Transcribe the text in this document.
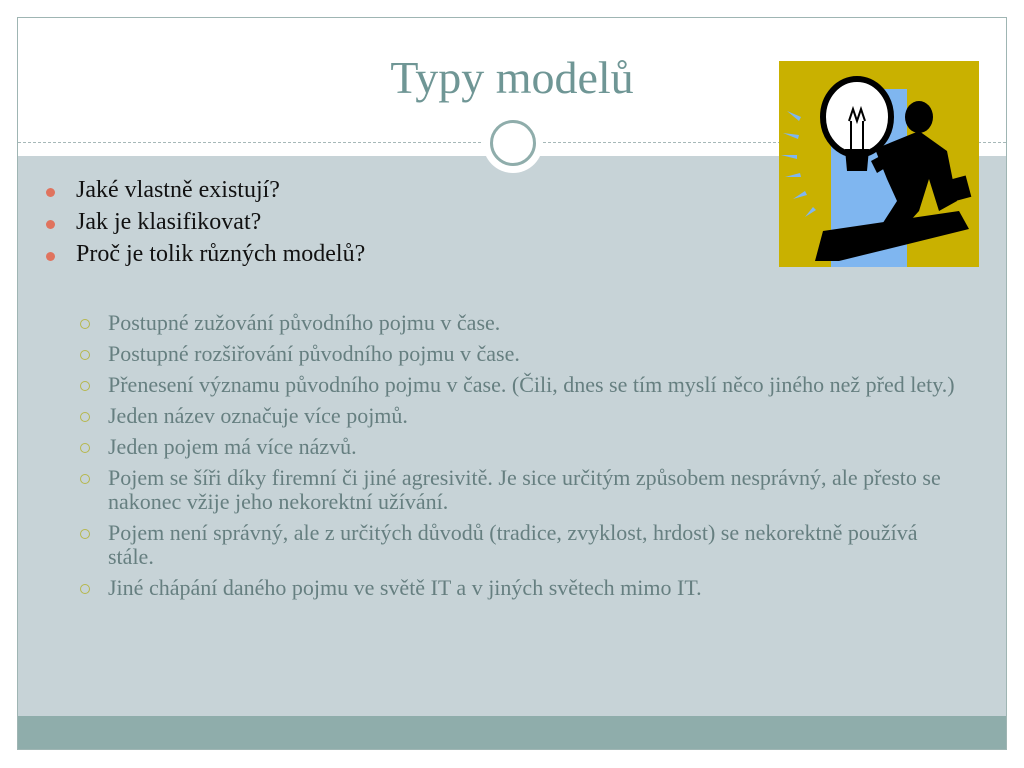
Typy modelů
Jaké vlastně existují?
Jak je klasifikovat?
Proč je tolik různých modelů?
Postupné zužování původního pojmu v čase.
Postupné rozšiřování původního pojmu v čase.
Přenesení významu původního pojmu v čase. (Čili, dnes se tím myslí něco jiného než před lety.)
Jeden název označuje více pojmů.
Jeden pojem má více názvů.
Pojem se šíři díky firemní či jiné agresivitě. Je sice určitým způsobem nesprávný, ale přesto se nakonec vžije jeho nekorektní užívání.
Pojem není správný, ale z určitých důvodů (tradice, zvyklost, hrdost) se nekorektně používá stále.
Jiné chápání daného pojmu ve světě IT a v jiných světech mimo IT.
